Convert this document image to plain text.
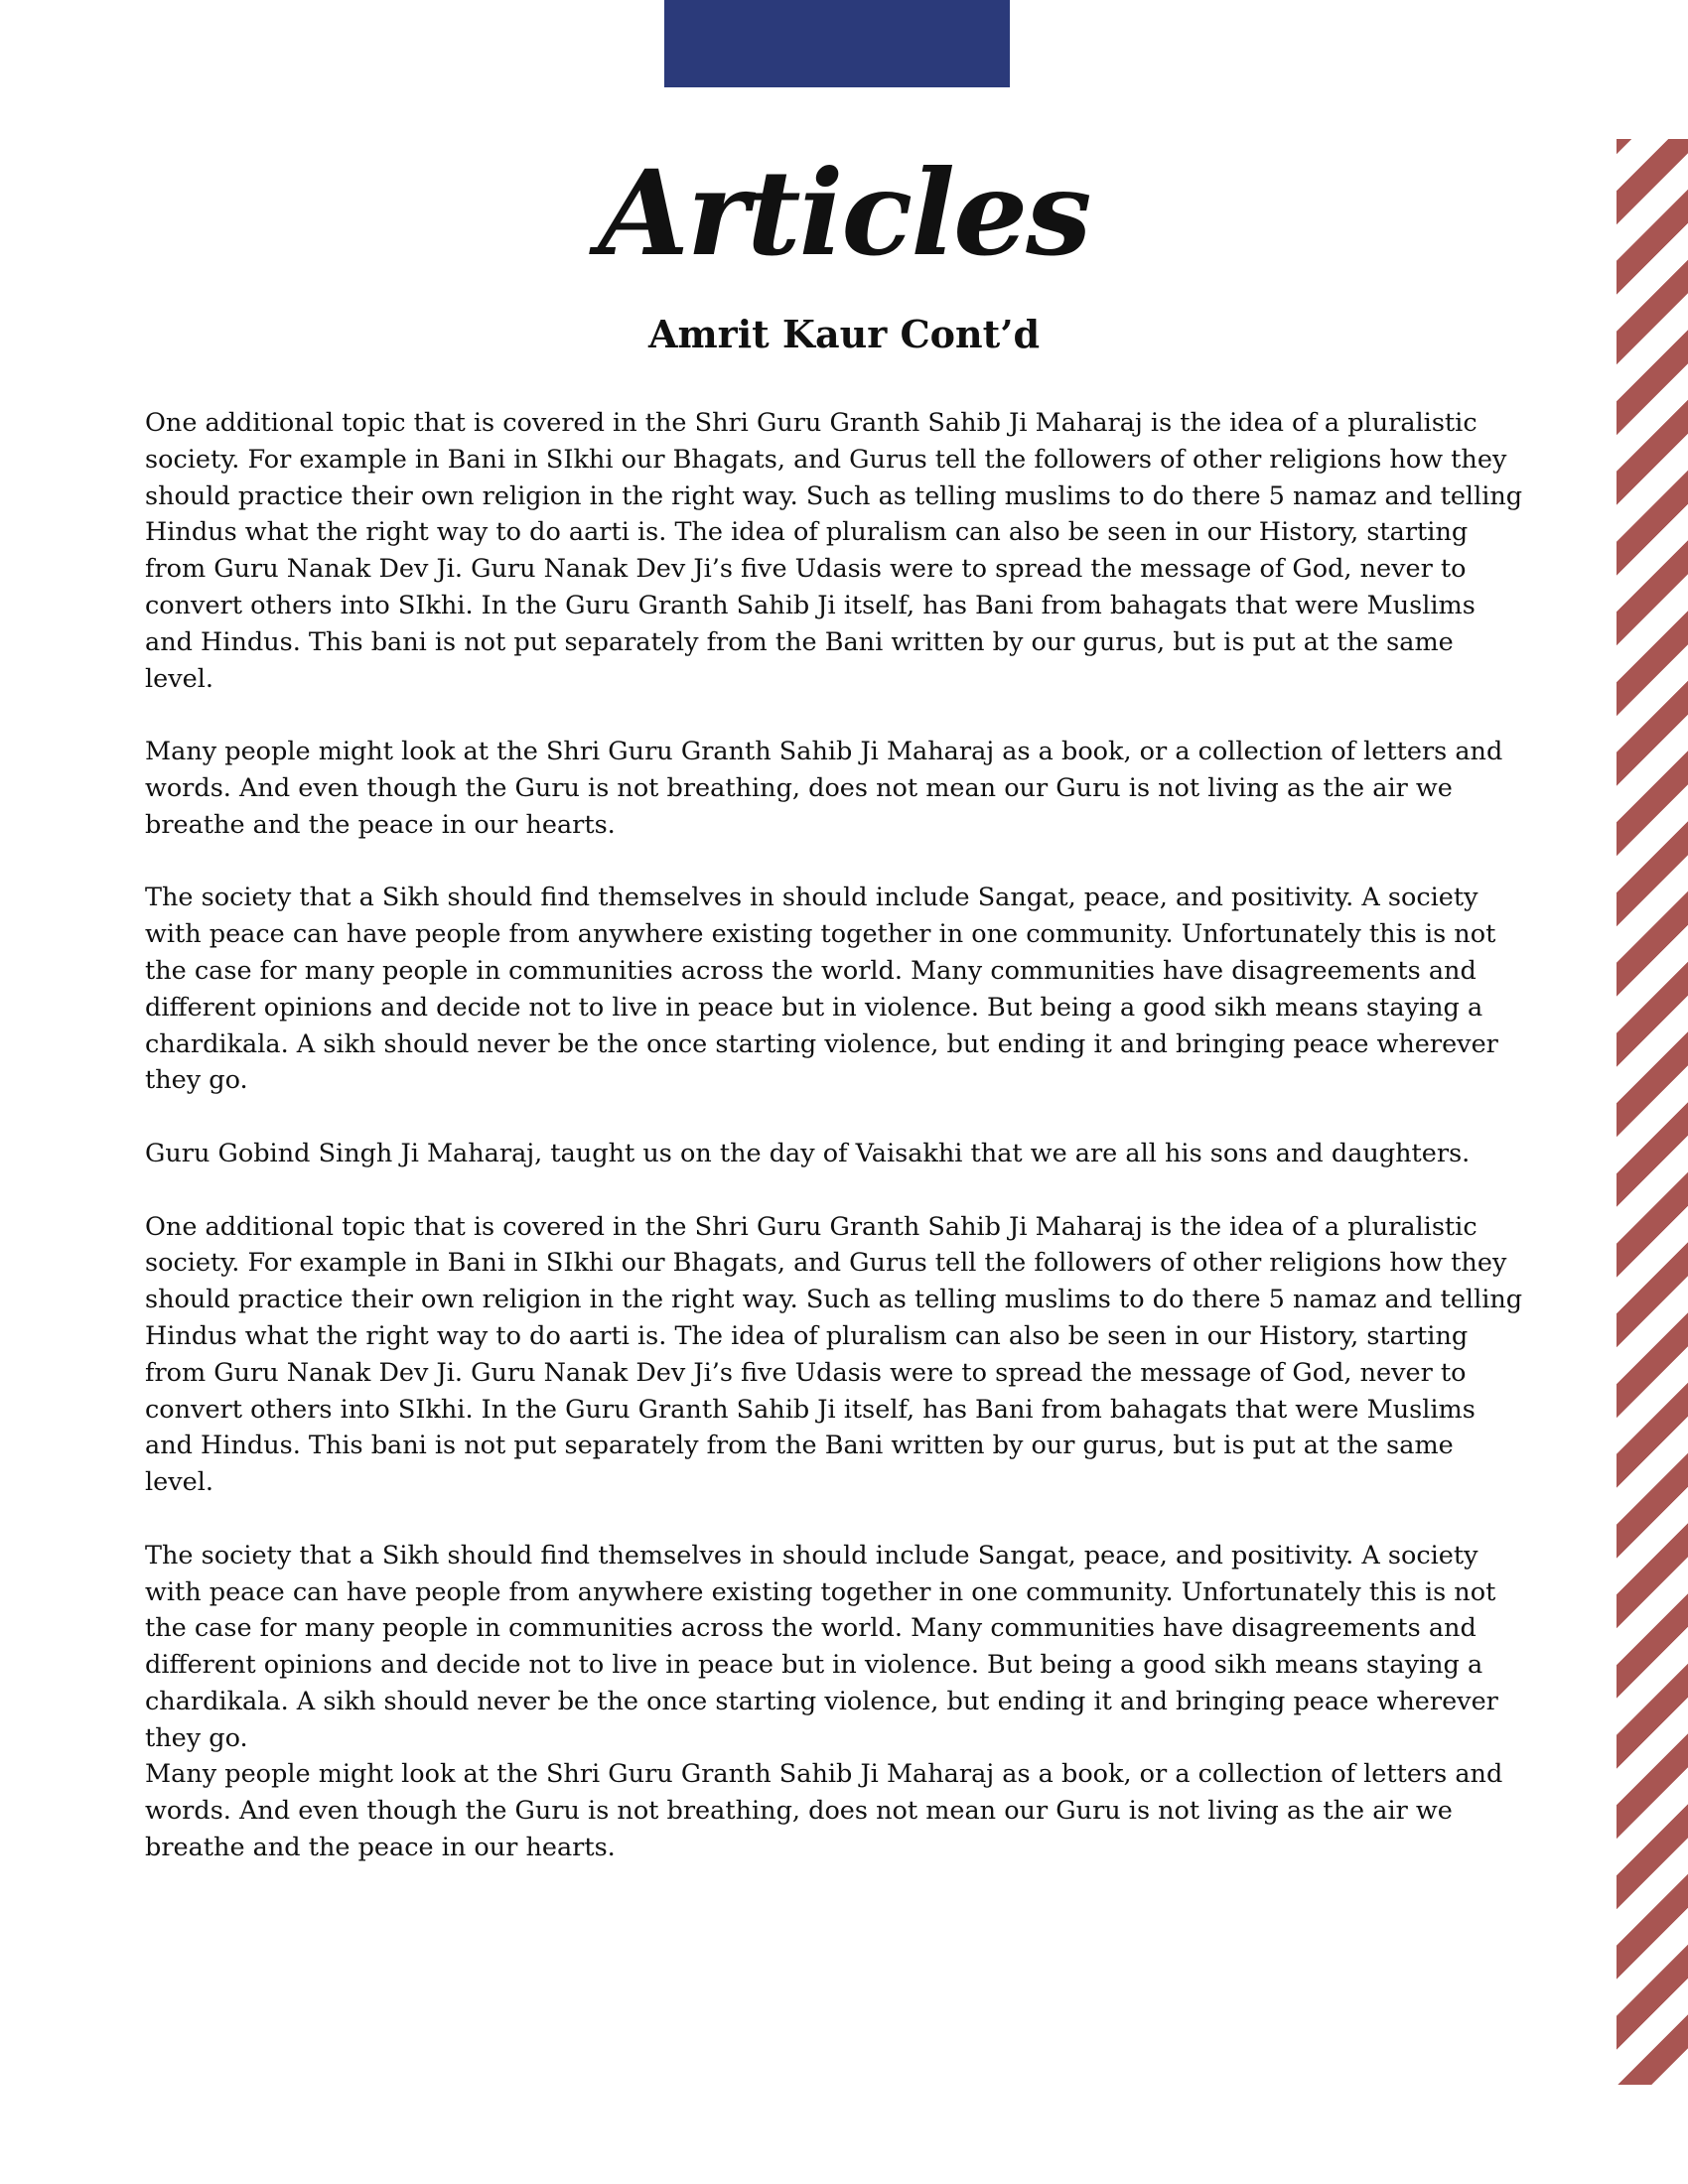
Articles
Amrit Kaur Cont’d

One additional topic that is covered in the Shri Guru Granth Sahib Ji Maharaj is the idea of a pluralistic society. For example in Bani in SIkhi our Bhagats, and Gurus tell the followers of other religions how they should practice their own religion in the right way. Such as telling muslims to do there 5 namaz and telling Hindus what the right way to do aarti is. The idea of pluralism can also be seen in our History, starting from Guru Nanak Dev Ji. Guru Nanak Dev Ji’s five Udasis were to spread the message of God, never to convert others into SIkhi. In the Guru Granth Sahib Ji itself, has Bani from bahagats that were Muslims and Hindus. This bani is not put separately from the Bani written by our gurus, but is put at the same level.

Many people might look at the Shri Guru Granth Sahib Ji Maharaj as a book, or a collection of letters and words. And even though the Guru is not breathing, does not mean our Guru is not living as the air we breathe and the peace in our hearts.

The society that a Sikh should find themselves in should include Sangat, peace, and positivity. A society with peace can have people from anywhere existing together in one community. Unfortunately this is not the case for many people in communities across the world. Many communities have disagreements and different opinions and decide not to live in peace but in violence. But being a good sikh means staying a chardikala. A sikh should never be the once starting violence, but ending it and bringing peace wherever they go.

Guru Gobind Singh Ji Maharaj, taught us on the day of Vaisakhi that we are all his sons and daughters.

One additional topic that is covered in the Shri Guru Granth Sahib Ji Maharaj is the idea of a pluralistic society. For example in Bani in SIkhi our Bhagats, and Gurus tell the followers of other religions how they should practice their own religion in the right way. Such as telling muslims to do there 5 namaz and telling Hindus what the right way to do aarti is. The idea of pluralism can also be seen in our History, starting from Guru Nanak Dev Ji. Guru Nanak Dev Ji’s five Udasis were to spread the message of God, never to convert others into SIkhi. In the Guru Granth Sahib Ji itself, has Bani from bahagats that were Muslims and Hindus. This bani is not put separately from the Bani written by our gurus, but is put at the same level.

The society that a Sikh should find themselves in should include Sangat, peace, and positivity. A society with peace can have people from anywhere existing together in one community. Unfortunately this is not the case for many people in communities across the world. Many communities have disagreements and different opinions and decide not to live in peace but in violence. But being a good sikh means staying a chardikala. A sikh should never be the once starting violence, but ending it and bringing peace wherever they go.

Many people might look at the Shri Guru Granth Sahib Ji Maharaj as a book, or a collection of letters and words. And even though the Guru is not breathing, does not mean our Guru is not living as the air we breathe and the peace in our hearts.
